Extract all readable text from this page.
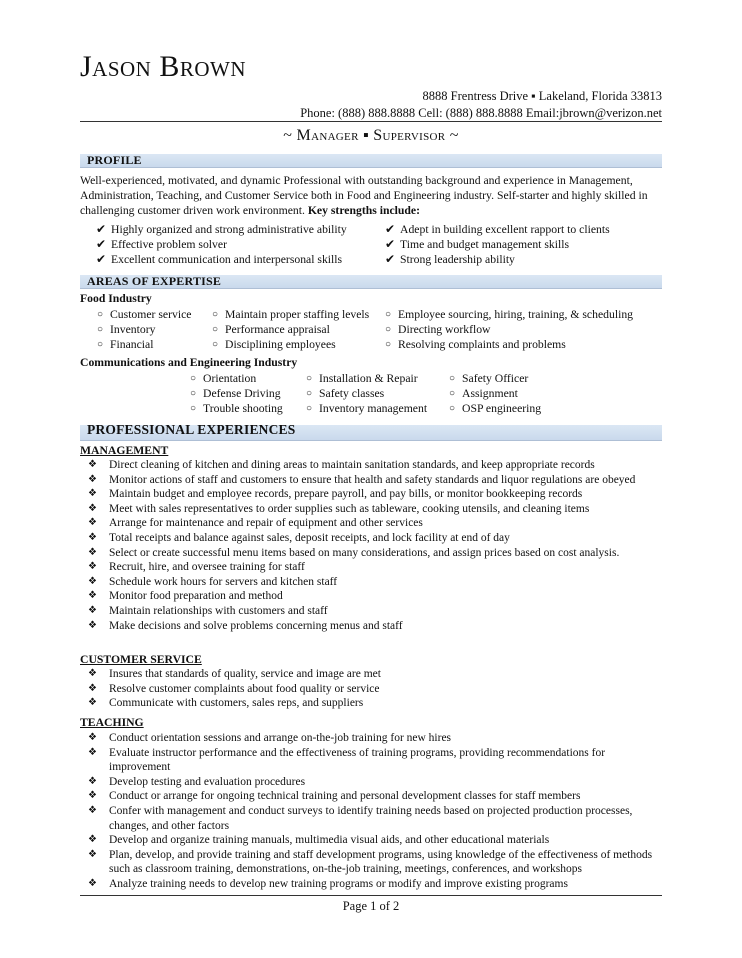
Jason Brown
8888 Frentress Drive ▪ Lakeland, Florida 33813
Phone: (888) 888.8888 Cell: (888) 888.8888 Email:jbrown@verizon.net
~ Manager ▪ Supervisor ~
PROFILE
Well-experienced, motivated, and dynamic Professional with outstanding background and experience in Management, Administration, Teaching, and Customer Service both in Food and Engineering industry. Self-starter and highly skilled in challenging customer driven work environment. Key strengths include:
✔ Highly organized and strong administrative ability
✔ Effective problem solver
✔ Excellent communication and interpersonal skills
✔ Adept in building excellent rapport to clients
✔ Time and budget management skills
✔ Strong leadership ability
AREAS OF EXPERTISE
Food Industry
○ Customer service
○ Inventory
○ Financial
○ Maintain proper staffing levels
○ Performance appraisal
○ Disciplining employees
○ Employee sourcing, hiring, training, & scheduling
○ Directing workflow
○ Resolving complaints and problems
Communications and Engineering Industry
○ Orientation
○ Defense Driving
○ Trouble shooting
○ Installation & Repair
○ Safety classes
○ Inventory management
○ Safety Officer
○ Assignment
○ OSP engineering
PROFESSIONAL EXPERIENCES
MANAGEMENT
❖ Direct cleaning of kitchen and dining areas to maintain sanitation standards, and keep appropriate records
❖ Monitor actions of staff and customers to ensure that health and safety standards and liquor regulations are obeyed
❖ Maintain budget and employee records, prepare payroll, and pay bills, or monitor bookkeeping records
❖ Meet with sales representatives to order supplies such as tableware, cooking utensils, and cleaning items
❖ Arrange for maintenance and repair of equipment and other services
❖ Total receipts and balance against sales, deposit receipts, and lock facility at end of day
❖ Select or create successful menu items based on many considerations, and assign prices based on cost analysis.
❖ Recruit, hire, and oversee training for staff
❖ Schedule work hours for servers and kitchen staff
❖ Monitor food preparation and method
❖ Maintain relationships with customers and staff
❖ Make decisions and solve problems concerning menus and staff
CUSTOMER SERVICE
❖ Insures that standards of quality, service and image are met
❖ Resolve customer complaints about food quality or service
❖ Communicate with customers, sales reps, and suppliers
TEACHING
❖ Conduct orientation sessions and arrange on-the-job training for new hires
❖ Evaluate instructor performance and the effectiveness of training programs, providing recommendations for improvement
❖ Develop testing and evaluation procedures
❖ Conduct or arrange for ongoing technical training and personal development classes for staff members
❖ Confer with management and conduct surveys to identify training needs based on projected production processes, changes, and other factors
❖ Develop and organize training manuals, multimedia visual aids, and other educational materials
❖ Plan, develop, and provide training and staff development programs, using knowledge of the effectiveness of methods such as classroom training, demonstrations, on-the-job training, meetings, conferences, and workshops
❖ Analyze training needs to develop new training programs or modify and improve existing programs
Page 1 of 2
